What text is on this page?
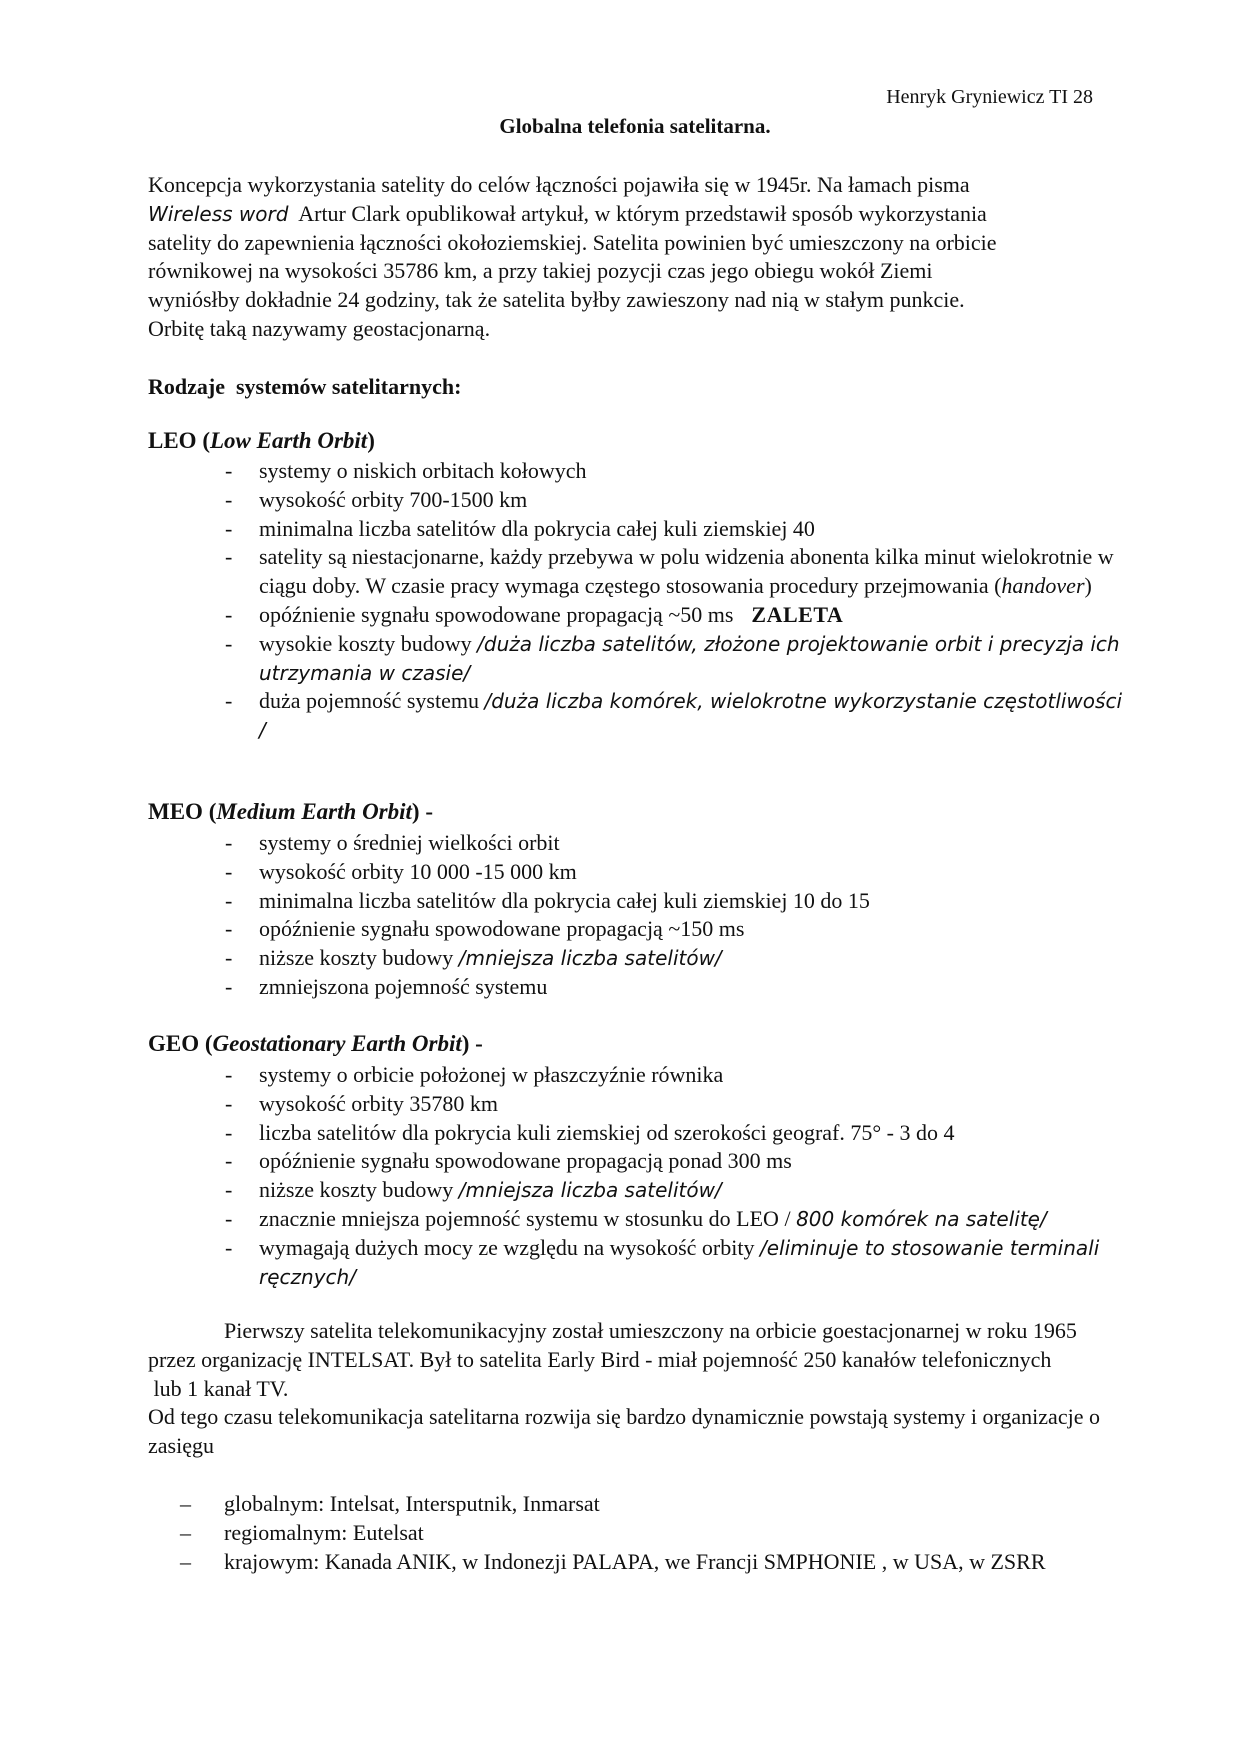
Henryk Gryniewicz TI 28
Globalna telefonia satelitarna.
Koncepcja wykorzystania satelity do celów łączności pojawiła się w 1945r. Na łamach pisma
Wireless word  Artur Clark opublikował artykuł, w którym przedstawił sposób wykorzystania
satelity do zapewnienia łączności okołoziemskiej. Satelita powinien być umieszczony na orbicie
równikowej na wysokości 35786 km, a przy takiej pozycji czas jego obiegu wokół Ziemi
wyniósłby dokładnie 24 godziny, tak że satelita byłby zawieszony nad nią w stałym punkcie.
Orbitę taką nazywamy geostacjonarną.
Rodzaje  systemów satelitarnych:
LEO (Low Earth Orbit)
- systemy o niskich orbitach kołowych
- wysokość orbity 700-1500 km
- minimalna liczba satelitów dla pokrycia całej kuli ziemskiej 40
- satelity są niestacjonarne, każdy przebywa w polu widzenia abonenta kilka minut wielokrotnie w ciągu doby. W czasie pracy wymaga częstego stosowania procedury przejmowania (handover)
- opóźnienie sygnału spowodowane propagacją ~50 ms ZALETA
- wysokie koszty budowy /duża liczba satelitów, złożone projektowanie orbit i precyzja ich utrzymania w czasie/
- duża pojemność systemu /duża liczba komórek, wielokrotne wykorzystanie częstotliwości /
MEO (Medium Earth Orbit) -
- systemy o średniej wielkości orbit
- wysokość orbity 10 000 -15 000 km
- minimalna liczba satelitów dla pokrycia całej kuli ziemskiej 10 do 15
- opóźnienie sygnału spowodowane propagacją ~150 ms
- niższe koszty budowy /mniejsza liczba satelitów/
- zmniejszona pojemność systemu
GEO (Geostationary Earth Orbit) -
- systemy o orbicie położonej w płaszczyźnie równika
- wysokość orbity 35780 km
- liczba satelitów dla pokrycia kuli ziemskiej od szerokości geograf. 75° - 3 do 4
- opóźnienie sygnału spowodowane propagacją ponad 300 ms
- niższe koszty budowy /mniejsza liczba satelitów/
- znacznie mniejsza pojemność systemu w stosunku do LEO / 800 komórek na satelitę/
- wymagają dużych mocy ze względu na wysokość orbity /eliminuje to stosowanie terminali ręcznych/
Pierwszy satelita telekomunikacyjny został umieszczony na orbicie goestacjonarnej w roku 1965 przez organizację INTELSAT. Był to satelita Early Bird - miał pojemność 250 kanałów telefonicznych
lub 1 kanał TV.
Od tego czasu telekomunikacja satelitarna rozwija się bardzo dynamicznie powstają systemy i organizacje o zasięgu
– globalnym: Intelsat, Intersputnik, Inmarsat
– regiomalnym: Eutelsat
– krajowym: Kanada ANIK, w Indonezji PALAPA, we Francji SMPHONIE , w USA, w ZSRR
